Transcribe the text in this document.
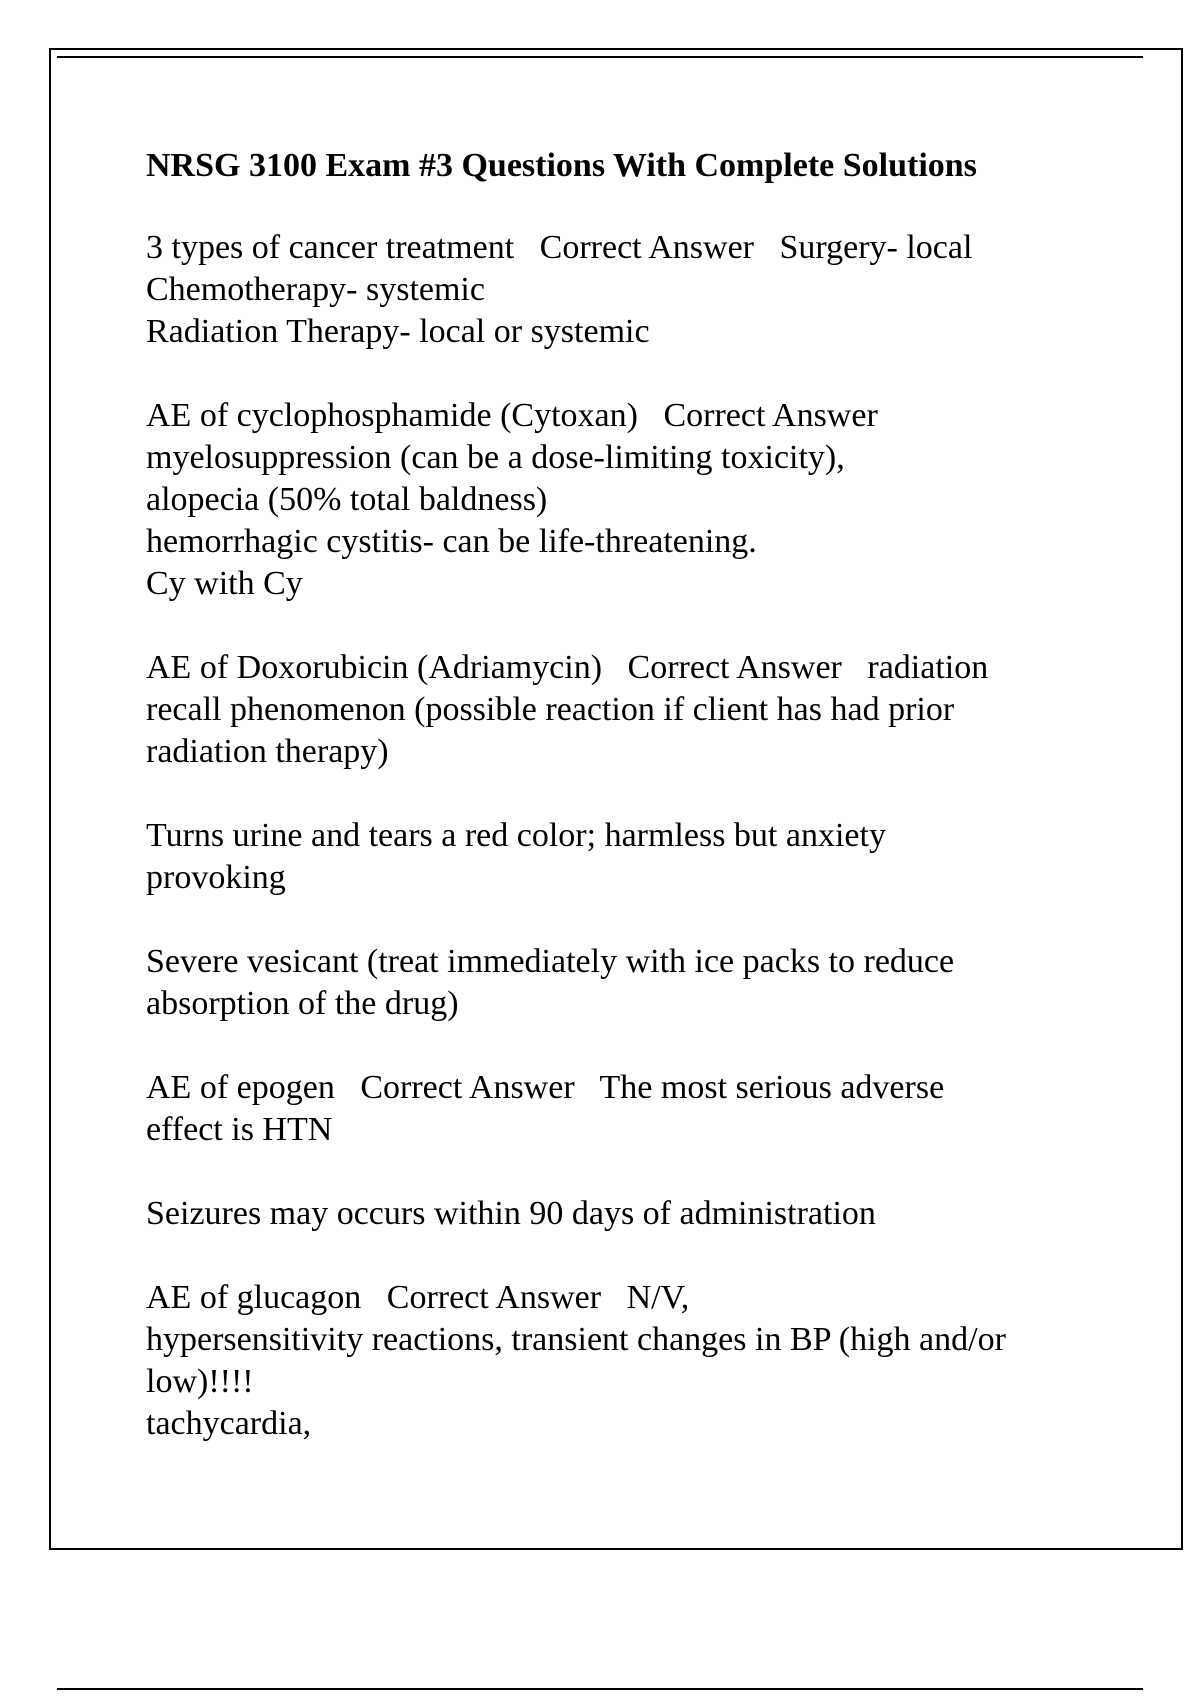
NRSG 3100 Exam #3 Questions With Complete Solutions
3 types of cancer treatment   Correct Answer   Surgery- local
Chemotherapy- systemic
Radiation Therapy- local or systemic
AE of cyclophosphamide (Cytoxan)   Correct Answer
myelosuppression (can be a dose-limiting toxicity),
alopecia (50% total baldness)
hemorrhagic cystitis- can be life-threatening.
Cy with Cy
AE of Doxorubicin (Adriamycin)   Correct Answer   radiation
recall phenomenon (possible reaction if client has had prior
radiation therapy)
Turns urine and tears a red color; harmless but anxiety
provoking
Severe vesicant (treat immediately with ice packs to reduce
absorption of the drug)
AE of epogen   Correct Answer   The most serious adverse
effect is HTN
Seizures may occurs within 90 days of administration
AE of glucagon   Correct Answer   N/V,
hypersensitivity reactions, transient changes in BP (high and/or
low)!!!!
tachycardia,
